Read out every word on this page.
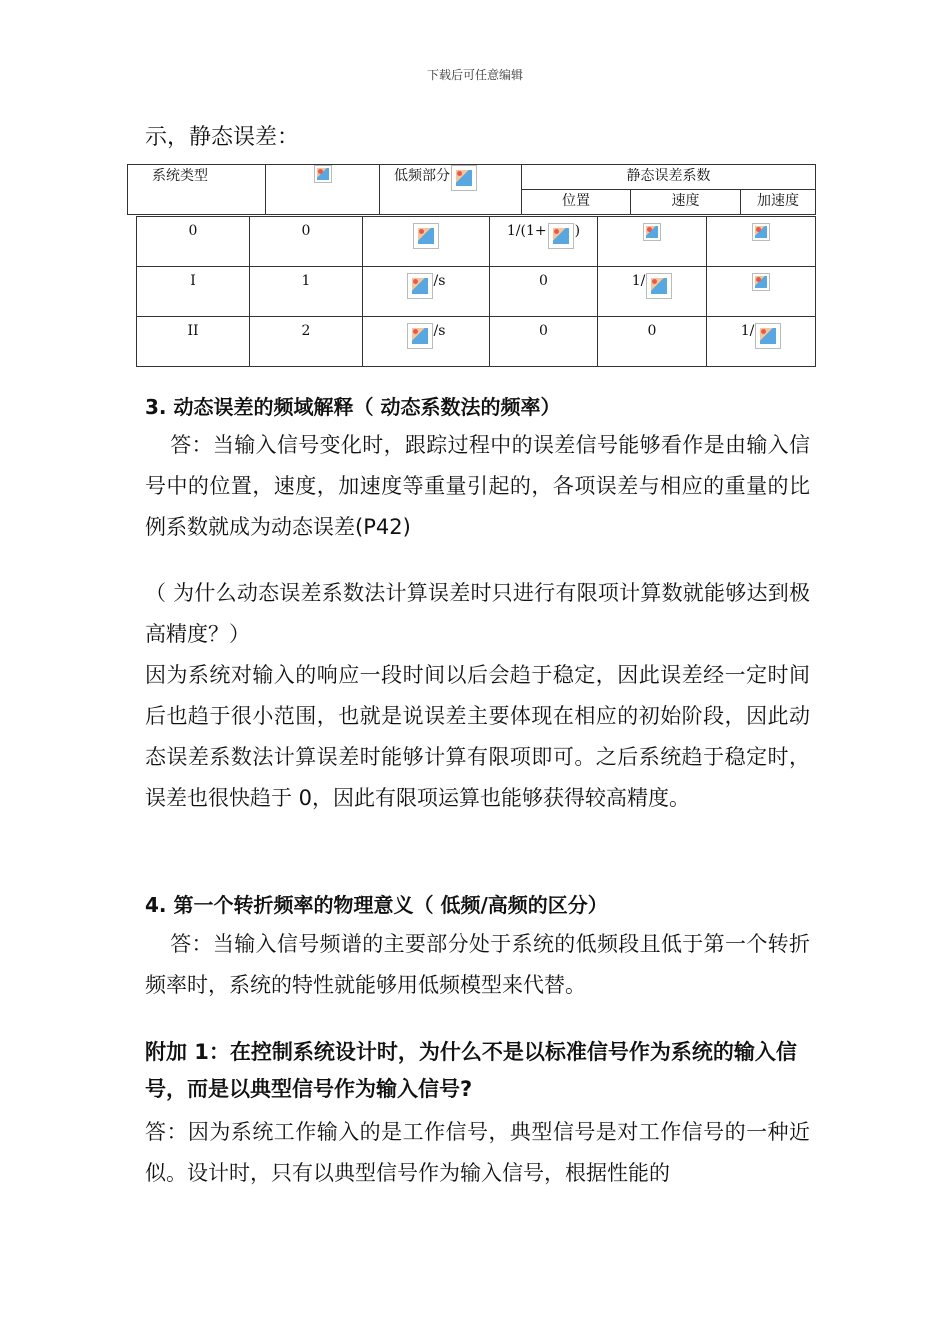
下载后可任意编辑
示，静态误差：
系统类型		低频部分	静态误差系数		
			位置	速度	加速度
0	0		1/(1+ )		

I	1	/s	0	1/	

II	2	/s	0	0	1/
3. 动态误差的频域解释（ 动态系数法的频率）
答：当输入信号变化时，跟踪过程中的误差信号能够看作是由输入信号中的位置，速度，加速度等重量引起的，各项误差与相应的重量的比例系数就成为动态误差(P42)
（ 为什么动态误差系数法计算误差时只进行有限项计算数就能够达到极高精度？）
因为系统对输入的响应一段时间以后会趋于稳定，因此误差经一定时间后也趋于很小范围，也就是说误差主要体现在相应的初始阶段，因此动态误差系数法计算误差时能够计算有限项即可。之后系统趋于稳定时，误差也很快趋于 0，因此有限项运算也能够获得较高精度。
4. 第一个转折频率的物理意义（ 低频/高频的区分）
答：当输入信号频谱的主要部分处于系统的低频段且低于第一个转折频率时，系统的特性就能够用低频模型来代替。
附加 1：在控制系统设计时，为什么不是以标准信号作为系统的输入信号，而是以典型信号作为输入信号?
答：因为系统工作输入的是工作信号，典型信号是对工作信号的一种近似。设计时，只有以典型信号作为输入信号，根据性能的
